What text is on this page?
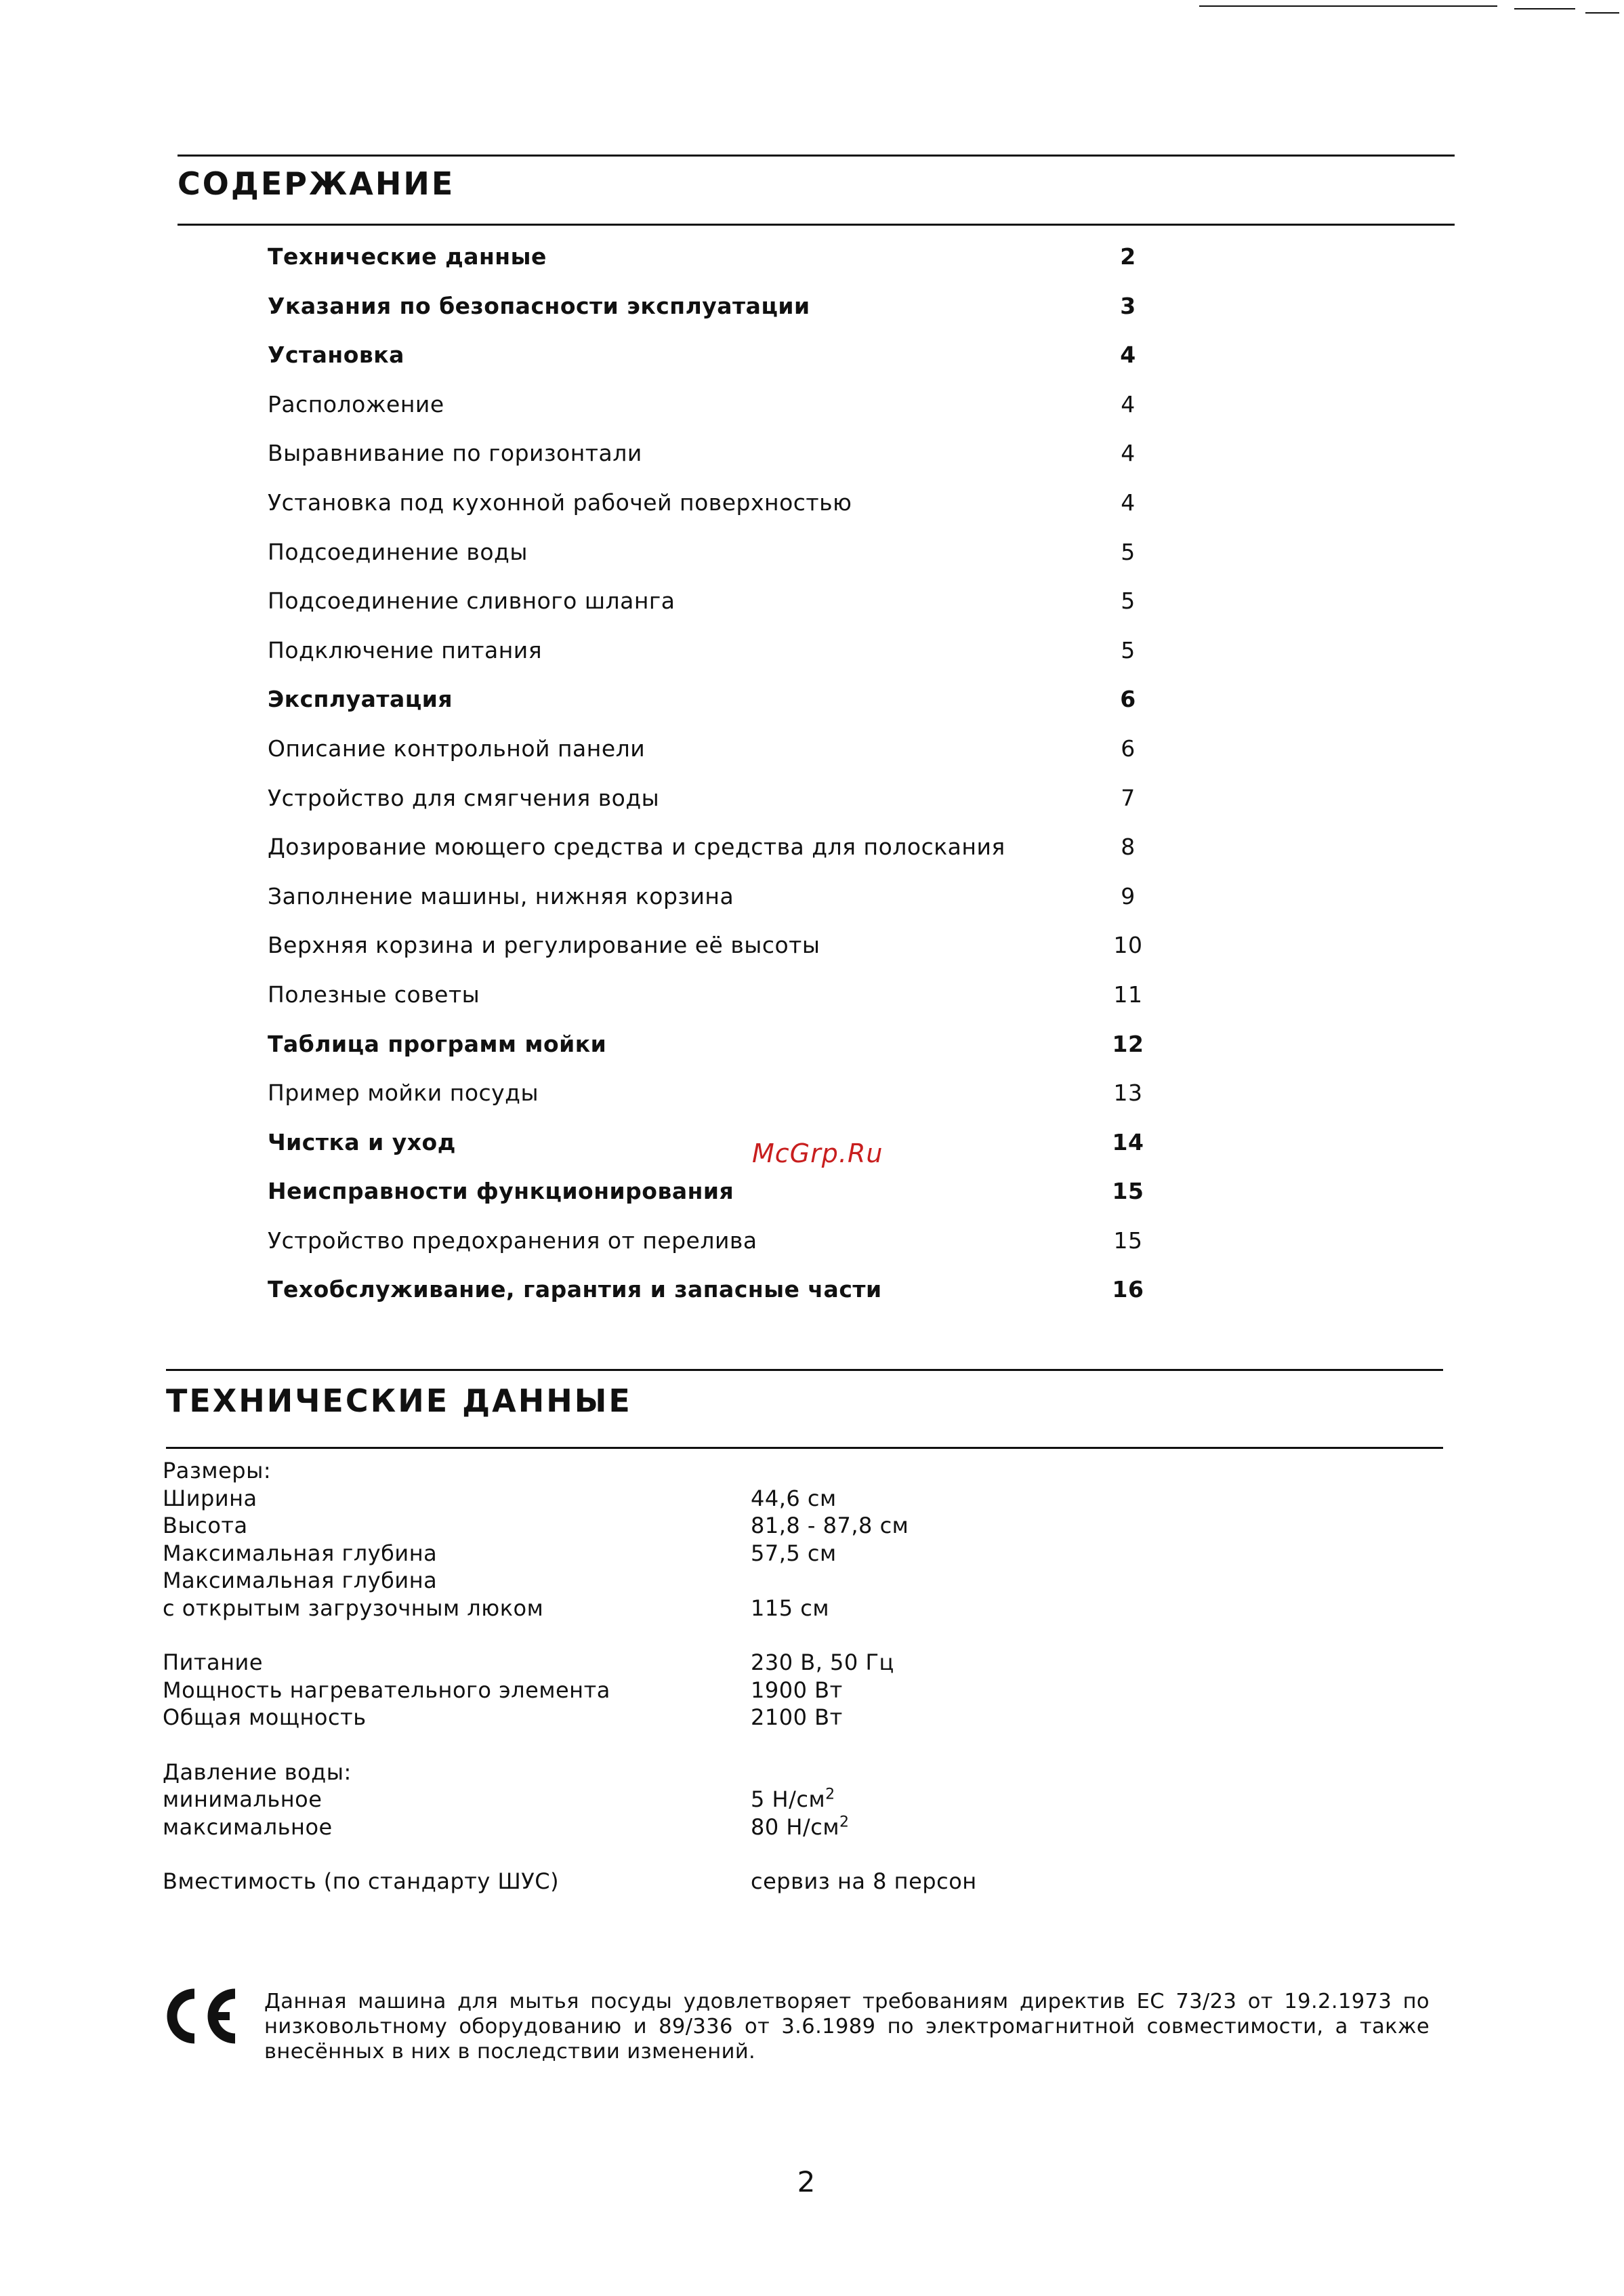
СОДЕРЖАНИЕ
Технические данные	2
Указания по безопасности эксплуатации	3
Установка	4
Расположение	4
Выравнивание по горизонтали	4
Установка под кухонной рабочей поверхностью	4
Подсоединение воды	5
Подсоединение сливного шланга	5
Подключение питания	5
Эксплуатация	6
Описание контрольной панели	6
Устройство для смягчения воды	7
Дозирование моющего средства и средства для полоскания	8
Заполнение машины, нижняя корзина	9
Верхняя корзина и регулирование её высоты	10
Полезные советы	11
Таблица программ мойки	12
Пример мойки посуды	13
Чистка и уход	14
Неисправности функционирования	15
Устройство предохранения от перелива	15
Техобслуживание, гарантия и запасные части	16
ТЕХНИЧЕСКИЕ ДАННЫЕ
Размеры:
Ширина	44,6 см
Высота	81,8 - 87,8 см
Максимальная глубина	57,5 см
Максимальная глубина
с открытым загрузочным люком	115 см
Питание	230 В, 50 Гц
Мощность нагревательного элемента	1900 Вт
Общая мощность	2100 Вт
Давление воды:
минимальное	5 $Н/см^2$
максимальное	80 $Н/см^2$
Вместимость (по стандарту ШУС)	сервиз на 8 персон

Данная машина для мытья посуды удовлетворяет требованиям директив ЕС 73/23 от 19.2.1973 по низковольтному оборудованию и 89/336 от 3.6.1989 по электромагнитной совместимости, а также внесённых в них в последствии изменений.

McGrp.Ru
2
